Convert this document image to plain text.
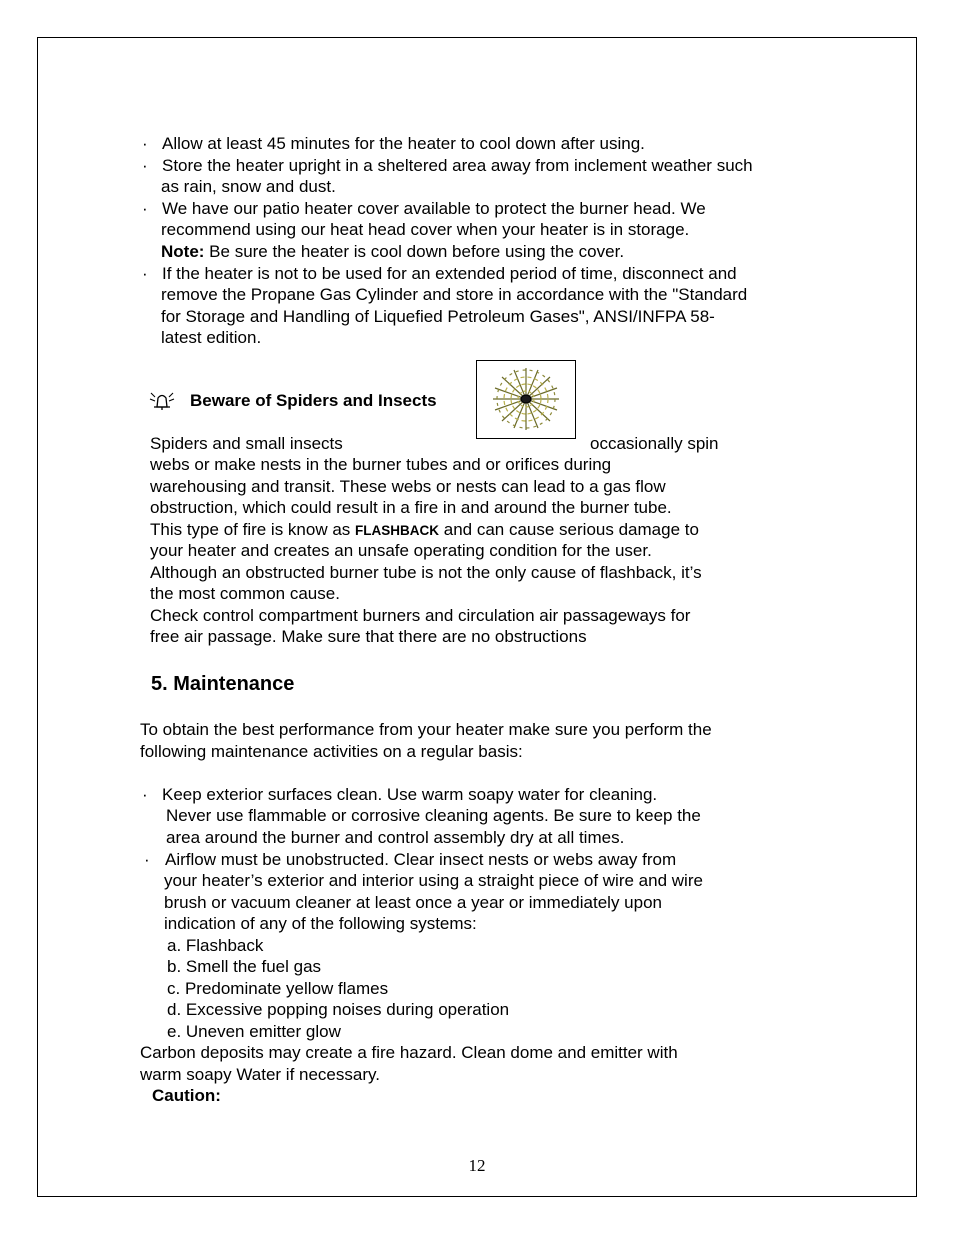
· Allow at least 45 minutes for the heater to cool down after using.
· Store the heater upright in a sheltered area away from inclement weather such
as rain, snow and dust.
· We have our patio heater cover available to protect the burner head. We
recommend using our heat head cover when your heater is in storage.
Note: Be sure the heater is cool down before using the cover.
· If the heater is not to be used for an extended period of time, disconnect and
remove the Propane Gas Cylinder and store in accordance with the "Standard
for Storage and Handling of Liquefied Petroleum Gases", ANSI/INFPA 58-
latest edition.
Beware of Spiders and Insects
Spiders and small insects	occasionally spin
webs or make nests in the burner tubes and or orifices during
warehousing and transit. These webs or nests can lead to a gas flow
obstruction, which could result in a fire in and around the burner tube.
This type of fire is know as FLASHBACK and can cause serious damage to
your heater and creates an unsafe operating condition for the user.
Although an obstructed burner tube is not the only cause of flashback, it’s
the most common cause.
Check control compartment burners and circulation air passageways for
free air passage. Make sure that there are no obstructions
5. Maintenance
To obtain the best performance from your heater make sure you perform the
following maintenance activities on a regular basis:
· Keep exterior surfaces clean. Use warm soapy water for cleaning.
Never use flammable or corrosive cleaning agents. Be sure to keep the
area around the burner and control assembly dry at all times.
· Airflow must be unobstructed. Clear insect nests or webs away from
your heater’s exterior and interior using a straight piece of wire and wire
brush or vacuum cleaner at least once a year or immediately upon
indication of any of the following systems:
a. Flashback
b. Smell the fuel gas
c. Predominate yellow flames
d. Excessive popping noises during operation
e. Uneven emitter glow
Carbon deposits may create a fire hazard. Clean dome and emitter with
warm soapy Water if necessary.
Caution:
12
